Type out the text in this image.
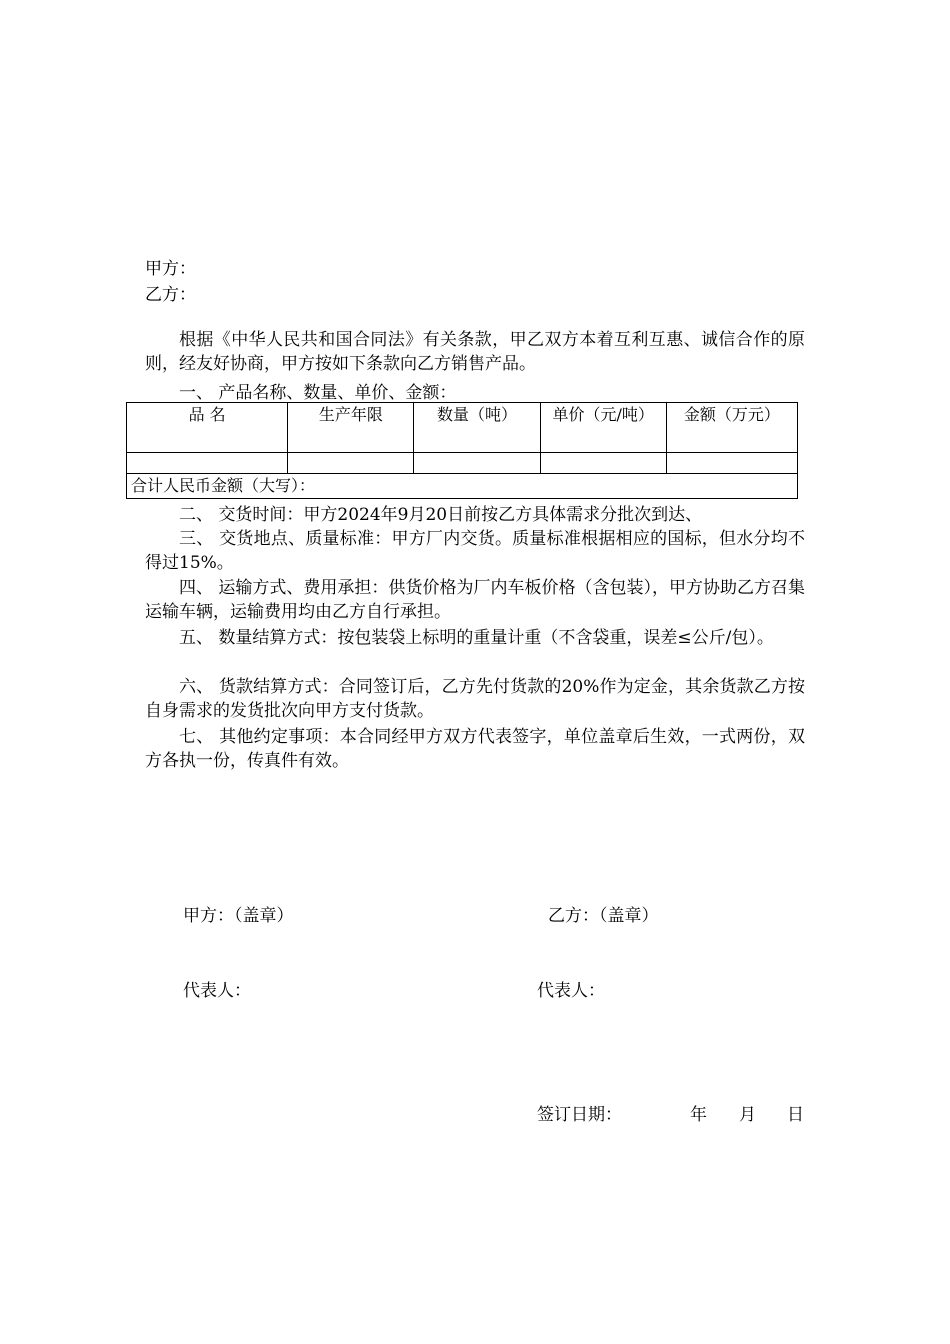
甲方：
乙方：
根据《中华人民共和国合同法》有关条款，甲乙双方本着互利互惠、诚信合作的原则，经友好协商，甲方按如下条款向乙方销售产品。
一、 产品名称、数量、单价、金额：
品 名	生产年限	数量（吨）	单价（元/吨）	金额（万元）

合计人民币金额（大写）：				
二、 交货时间：甲方2024年9月20日前按乙方具体需求分批次到达、
三、 交货地点、质量标准：甲方厂内交货。质量标准根据相应的国标，但水分均不得过15%。
四、 运输方式、费用承担：供货价格为厂内车板价格（含包装），甲方协助乙方召集运输车辆，运输费用均由乙方自行承担。
五、 数量结算方式：按包装袋上标明的重量计重（不含袋重，误差≤公斤/包）。
六、 货款结算方式：合同签订后，乙方先付货款的20%作为定金，其余货款乙方按自身需求的发货批次向甲方支付货款。
七、 其他约定事项：本合同经甲方双方代表签字，单位盖章后生效，一式两份，双方各执一份，传真件有效。
甲方：（盖章）	乙方：（盖章）
代表人：	代表人：
签订日期：	年 月 日
